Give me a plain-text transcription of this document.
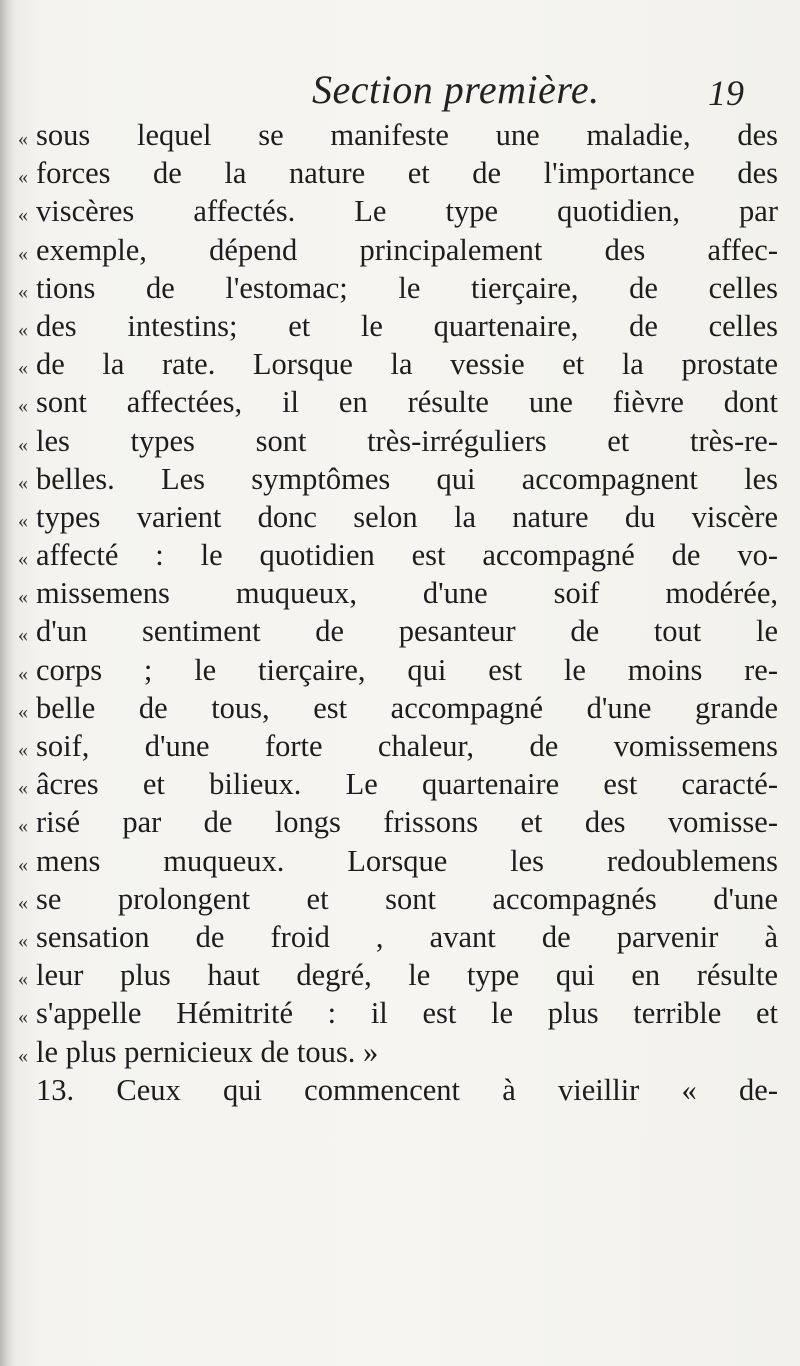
Section première.	19
« sous lequel se manifeste une maladie, des
« forces de la nature et de l'importance des
« viscères affectés. Le type quotidien, par
« exemple, dépend principalement des affec-
« tions de l'estomac; le tierçaire, de celles
« des intestins; et le quartenaire, de celles
« de la rate. Lorsque la vessie et la prostate
« sont affectées, il en résulte une fièvre dont
« les types sont très-irréguliers et très-re-
« belles. Les symptômes qui accompagnent les
« types varient donc selon la nature du viscère
« affecté : le quotidien est accompagné de vo-
« missemens muqueux, d'une soif modérée,
« d'un sentiment de pesanteur de tout le
« corps ; le tierçaire, qui est le moins re-
« belle de tous, est accompagné d'une grande
« soif, d'une forte chaleur, de vomissemens
« âcres et bilieux. Le quartenaire est caracté-
« risé par de longs frissons et des vomisse-
« mens muqueux. Lorsque les redoublemens
« se prolongent et sont accompagnés d'une
« sensation de froid , avant de parvenir à
« leur plus haut degré, le type qui en résulte
« s'appelle Hémitrité : il est le plus terrible et
« le plus pernicieux de tous. »
13. Ceux qui commencent à vieillir « de-
